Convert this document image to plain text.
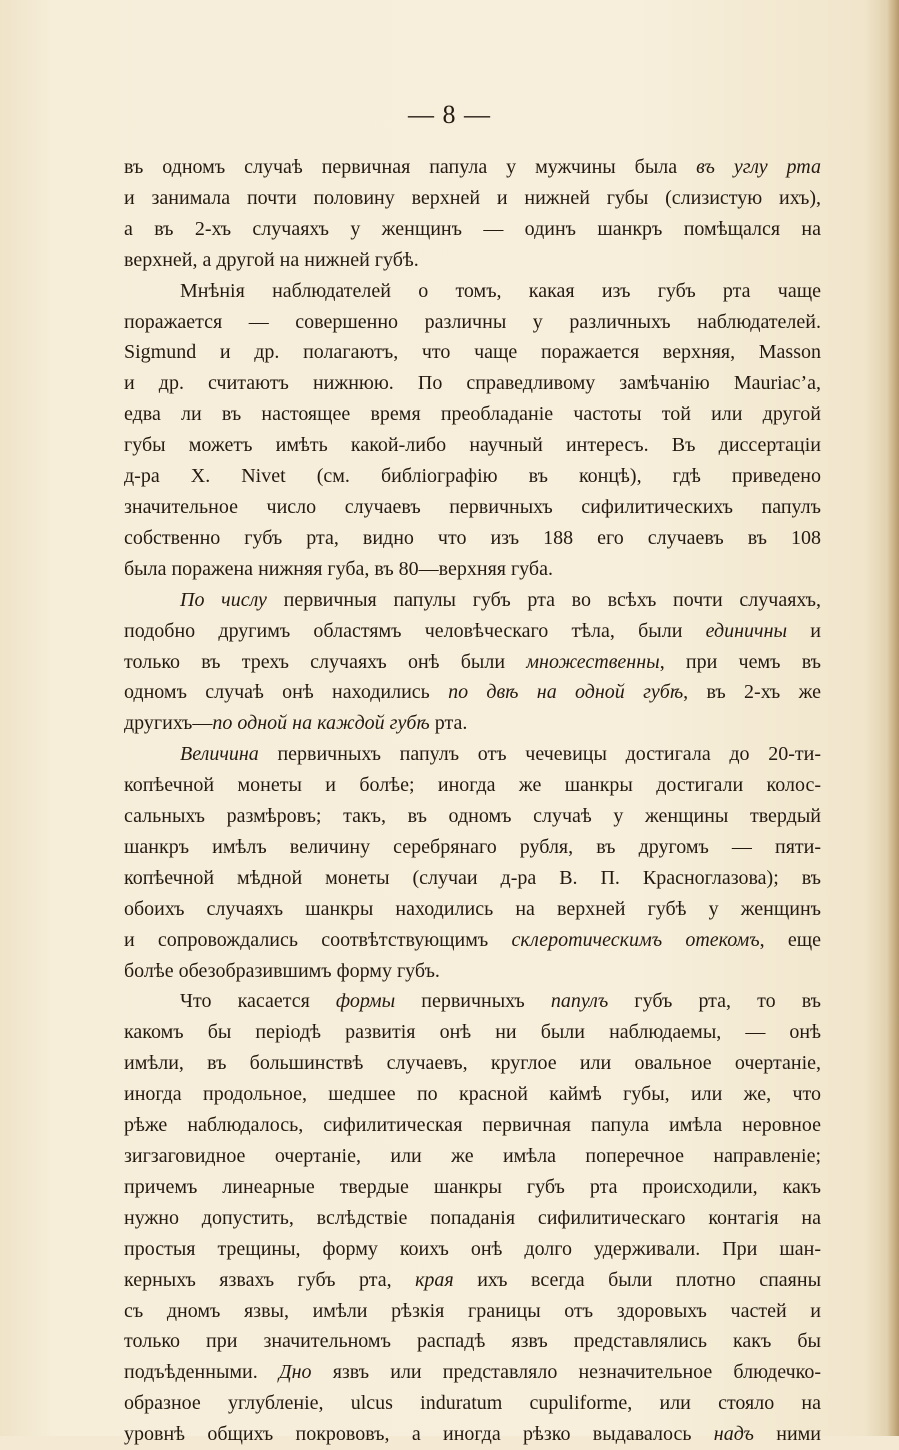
— 8 —
въ одномъ случаѣ первичная папула у мужчины была въ углу рта
и занимала почти половину верхней и нижней губы (слизистую ихъ),
а въ 2-хъ случаяхъ у женщинъ — одинъ шанкръ помѣщался на
верхней, а другой на нижней губѣ.
Мнѣнія наблюдателей о томъ, какая изъ губъ рта чаще
поражается — совершенно различны у различныхъ наблюдателей.
Sigmund и др. полагаютъ, что чаще поражается верхняя, Masson
и др. считаютъ нижнюю. По справедливому замѣчанію Mauriac’а,
едва ли въ настоящее время преобладаніе частоты той или другой
губы можетъ имѣть какой-либо научный интересъ. Въ диссертаціи
д-ра X. Nivet (см. библіографію въ концѣ), гдѣ приведено
значительное число случаевъ первичныхъ сифилитическихъ папулъ
собственно губъ рта, видно что изъ 188 его случаевъ въ 108
была поражена нижняя губа, въ 80—верхняя губа.
По числу первичныя папулы губъ рта во всѣхъ почти случаяхъ,
подобно другимъ областямъ человѣческаго тѣла, были единичны и
только въ трехъ случаяхъ онѣ были множественны, при чемъ въ
одномъ случаѣ онѣ находились по двѣ на одной губѣ, въ 2-хъ же
другихъ—по одной на каждой губѣ рта.
Величина первичныхъ папулъ отъ чечевицы достигала до 20-ти-
копѣечной монеты и болѣе; иногда же шанкры достигали колос-
сальныхъ размѣровъ; такъ, въ одномъ случаѣ у женщины твердый
шанкръ имѣлъ величину серебрянаго рубля, въ другомъ — пяти-
копѣечной мѣдной монеты (случаи д-ра В. П. Красноглазова); въ
обоихъ случаяхъ шанкры находились на верхней губѣ у женщинъ
и сопровождались соотвѣтствующимъ склеротическимъ отекомъ, еще
болѣе обезобразившимъ форму губъ.
Что касается формы первичныхъ папулъ губъ рта, то въ
какомъ бы періодѣ развитія онѣ ни были наблюдаемы, — онѣ
имѣли, въ большинствѣ случаевъ, круглое или овальное очертаніе,
иногда продольное, шедшее по красной каймѣ губы, или же, что
рѣже наблюдалось, сифилитическая первичная папула имѣла неровное
зигзаговидное очертаніе, или же имѣла поперечное направленіе;
причемъ линеарные твердые шанкры губъ рта происходили, какъ
нужно допустить, вслѣдствіе попаданія сифилитическаго контагія на
простыя трещины, форму коихъ онѣ долго удерживали. При шан-
керныхъ язвахъ губъ рта, края ихъ всегда были плотно спаяны
съ дномъ язвы, имѣли рѣзкія границы отъ здоровыхъ частей и
только при значительномъ распадѣ язвъ представлялись какъ бы
подъѣденными. Дно язвъ или представляло незначительное блюдечко-
образное углубленіе, ulcus induratum cupuliforme, или стояло на
уровнѣ общихъ покрововъ, а иногда рѣзко выдавалось надъ ними
